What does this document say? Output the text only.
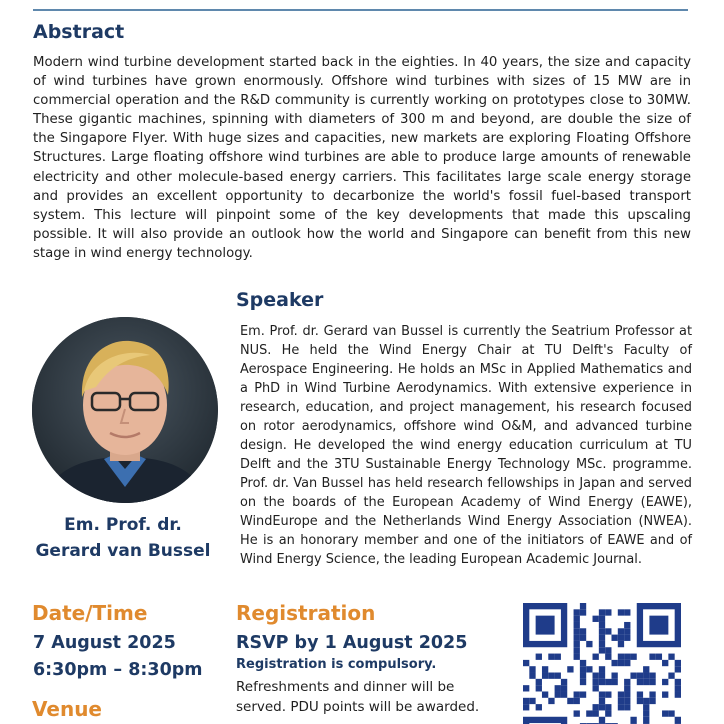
Abstract

Modern wind turbine development started back in the eighties. In 40 years, the size and capacity of wind turbines have grown enormously. Offshore wind turbines with sizes of 15 MW are in commercial operation and the R&D community is currently working on prototypes close to 30MW. These gigantic machines, spinning with diameters of 300 m and beyond, are double the size of the Singapore Flyer. With huge sizes and capacities, new markets are exploring Floating Offshore Structures. Large floating offshore wind turbines are able to produce large amounts of renewable electricity and other molecule-based energy carriers. This facilitates large scale energy storage and provides an excellent opportunity to decarbonize the world's fossil fuel-based transport system. This lecture will pinpoint some of the key developments that made this upscaling possible. It will also provide an outlook how the world and Singapore can benefit from this new stage in wind energy technology.

Speaker
Em. Prof. dr.
Gerard van Bussel

Em. Prof. dr. Gerard van Bussel is currently the Seatrium Professor at NUS. He held the Wind Energy Chair at TU Delft's Faculty of Aerospace Engineering. He holds an MSc in Applied Mathematics and a PhD in Wind Turbine Aerodynamics. With extensive experience in research, education, and project management, his research focused on rotor aerodynamics, offshore wind O&M, and advanced turbine design. He developed the wind energy education curriculum at TU Delft and the 3TU Sustainable Energy Technology MSc. programme. Prof. dr. Van Bussel has held research fellowships in Japan and served on the boards of the European Academy of Wind Energy (EAWE), WindEurope and the Netherlands Wind Energy Association (NWEA). He is an honorary member and one of the initiators of EAWE and of Wind Energy Science, the leading European Academic Journal.

Date/Time
7 August 2025
6:30pm – 8:30pm
Venue
Registration
RSVP by 1 August 2025
Registration is compulsory.
Refreshments and dinner will be served. PDU points will be awarded.
